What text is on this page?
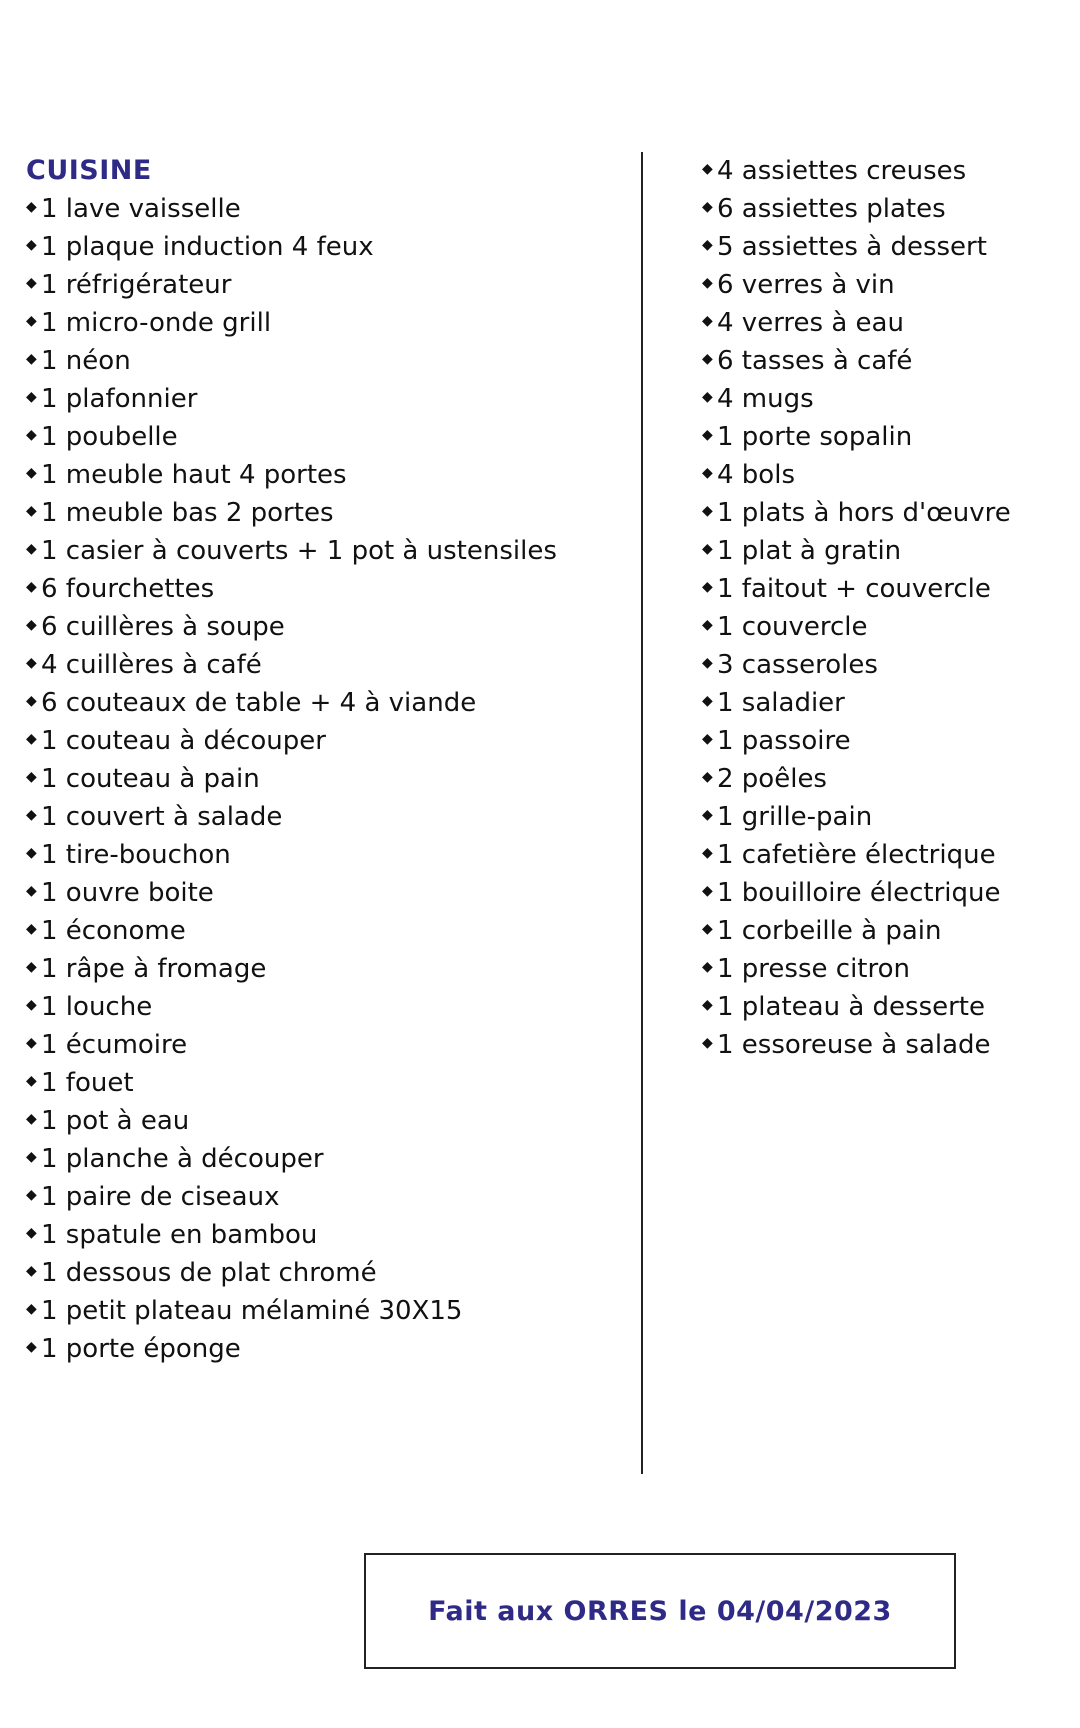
CUISINE
◆ 1 lave vaisselle
◆ 1 plaque induction 4 feux
◆ 1 réfrigérateur
◆ 1 micro-onde grill
◆ 1 néon
◆ 1 plafonnier
◆ 1 poubelle
◆ 1 meuble haut 4 portes
◆ 1 meuble bas 2 portes
◆ 1 casier à couverts + 1 pot à ustensiles
◆ 6 fourchettes
◆ 6 cuillères à soupe
◆ 4 cuillères à café
◆ 6 couteaux de table + 4 à viande
◆ 1 couteau à découper
◆ 1 couteau à pain
◆ 1 couvert à salade
◆ 1 tire-bouchon
◆ 1 ouvre boite
◆ 1 économe
◆ 1 râpe à fromage
◆ 1 louche
◆ 1 écumoire
◆ 1 fouet
◆ 1 pot à eau
◆ 1 planche à découper
◆ 1 paire de ciseaux
◆ 1 spatule en bambou
◆ 1 dessous de plat chromé
◆ 1 petit plateau mélaminé 30X15
◆ 1 porte éponge
◆ 4 assiettes creuses
◆ 6 assiettes plates
◆ 5 assiettes à dessert
◆ 6 verres à vin
◆ 4 verres à eau
◆ 6 tasses à café
◆ 4 mugs
◆ 1 porte sopalin
◆ 4 bols
◆ 1 plats à hors d'œuvre
◆ 1 plat à gratin
◆ 1 faitout + couvercle
◆ 1 couvercle
◆ 3 casseroles
◆ 1 saladier
◆ 1 passoire
◆ 2 poêles
◆ 1 grille-pain
◆ 1 cafetière électrique
◆ 1 bouilloire électrique
◆ 1 corbeille à pain
◆ 1 presse citron
◆ 1 plateau à desserte
◆ 1 essoreuse à salade
Fait aux ORRES le 04/04/2023
